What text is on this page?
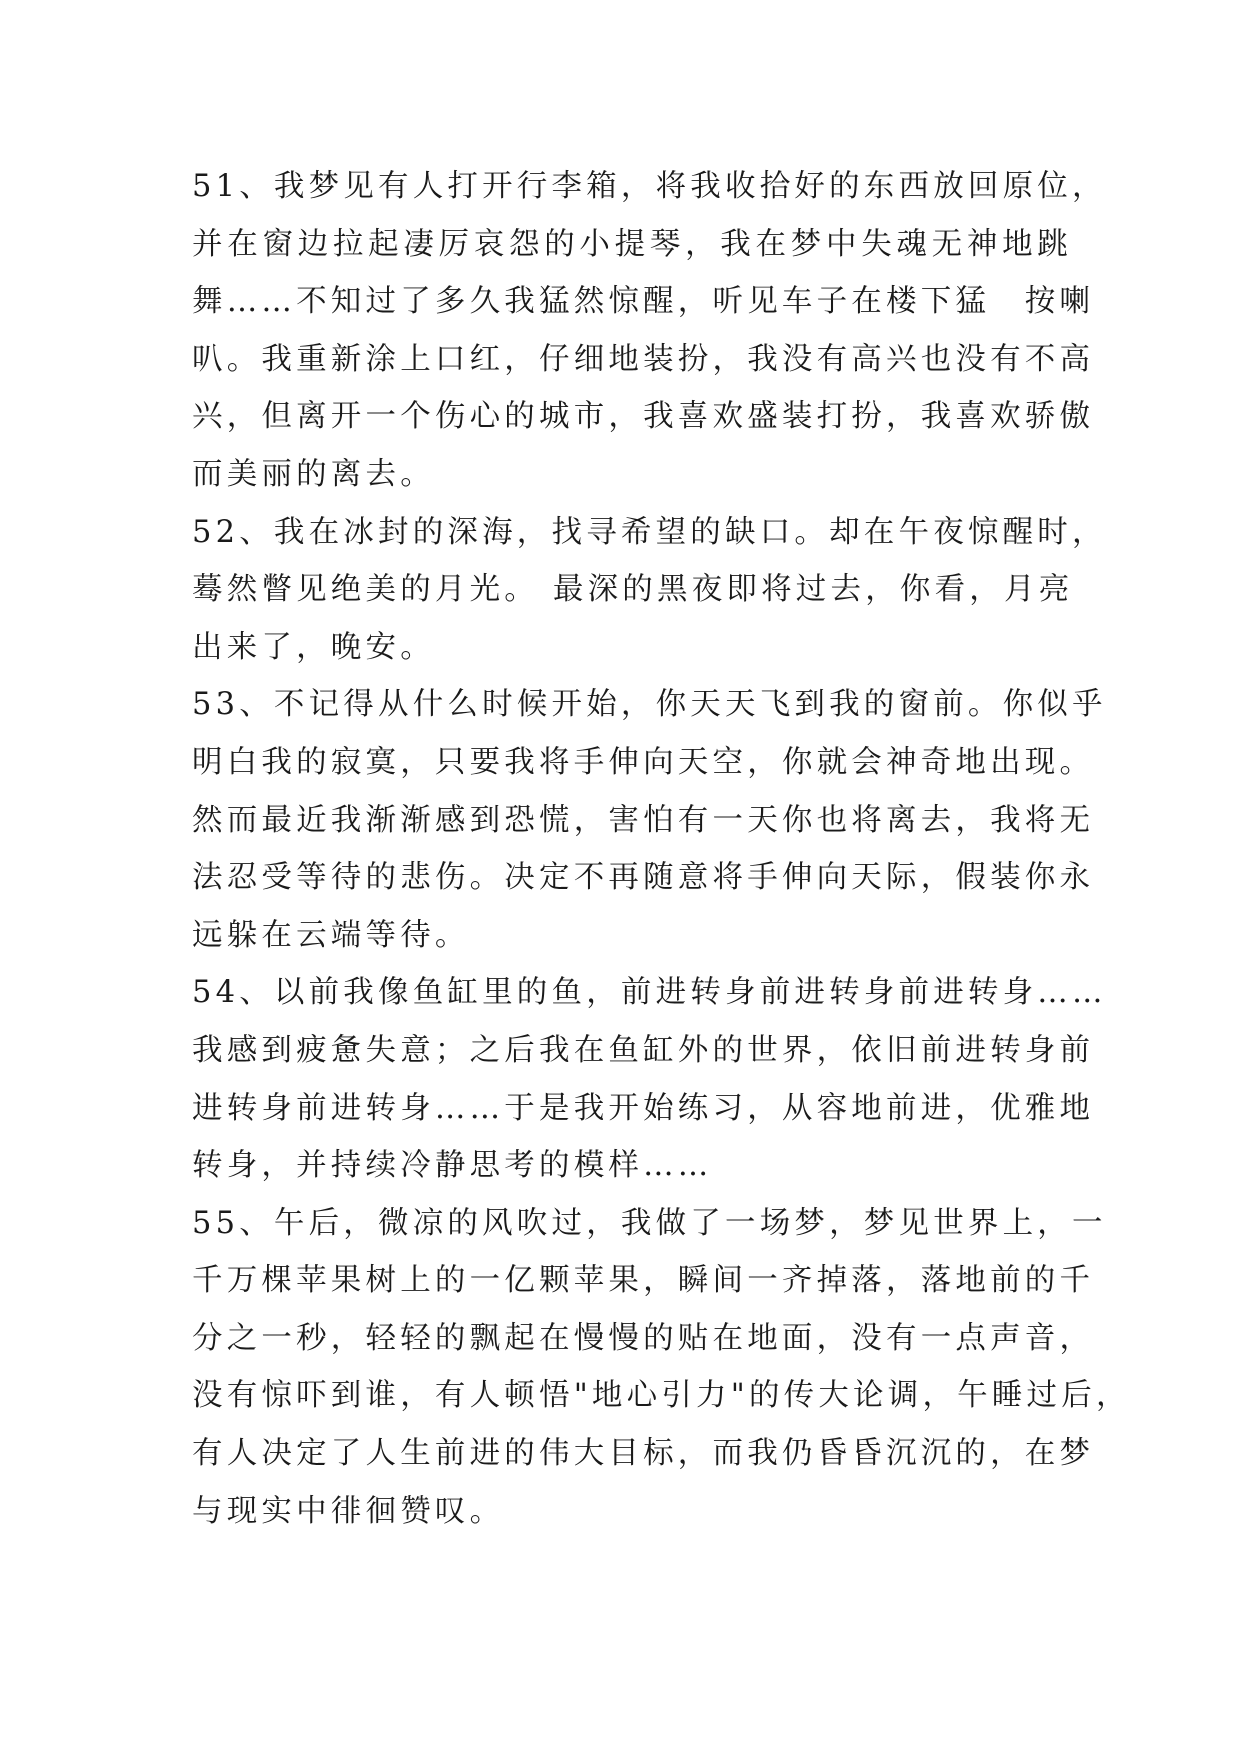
51、我梦见有人打开行李箱，将我收拾好的东西放回原位，
并在窗边拉起凄厉哀怨的小提琴，我在梦中失魂无神地跳
舞……不知过了多久我猛然惊醒，听见车子在楼下猛　按喇
叭。我重新涂上口红，仔细地装扮，我没有高兴也没有不高
兴，但离开一个伤心的城市，我喜欢盛装打扮，我喜欢骄傲
而美丽的离去。
52、我在冰封的深海，找寻希望的缺口。却在午夜惊醒时，
蓦然瞥见绝美的月光。 最深的黑夜即将过去，你看，月亮
出来了，晚安。
53、不记得从什么时候开始，你天天飞到我的窗前。你似乎
明白我的寂寞，只要我将手伸向天空，你就会神奇地出现。
然而最近我渐渐感到恐慌，害怕有一天你也将离去，我将无
法忍受等待的悲伤。决定不再随意将手伸向天际，假装你永
远躲在云端等待。
54、以前我像鱼缸里的鱼，前进转身前进转身前进转身……
我感到疲惫失意；之后我在鱼缸外的世界，依旧前进转身前
进转身前进转身……于是我开始练习，从容地前进，优雅地
转身，并持续冷静思考的模样……
55、午后，微凉的风吹过，我做了一场梦，梦见世界上，一
千万棵苹果树上的一亿颗苹果，瞬间一齐掉落，落地前的千
分之一秒，轻轻的飘起在慢慢的贴在地面，没有一点声音，
没有惊吓到谁，有人顿悟"地心引力"的传大论调，午睡过后，
有人决定了人生前进的伟大目标，而我仍昏昏沉沉的，在梦
与现实中徘徊赞叹。
